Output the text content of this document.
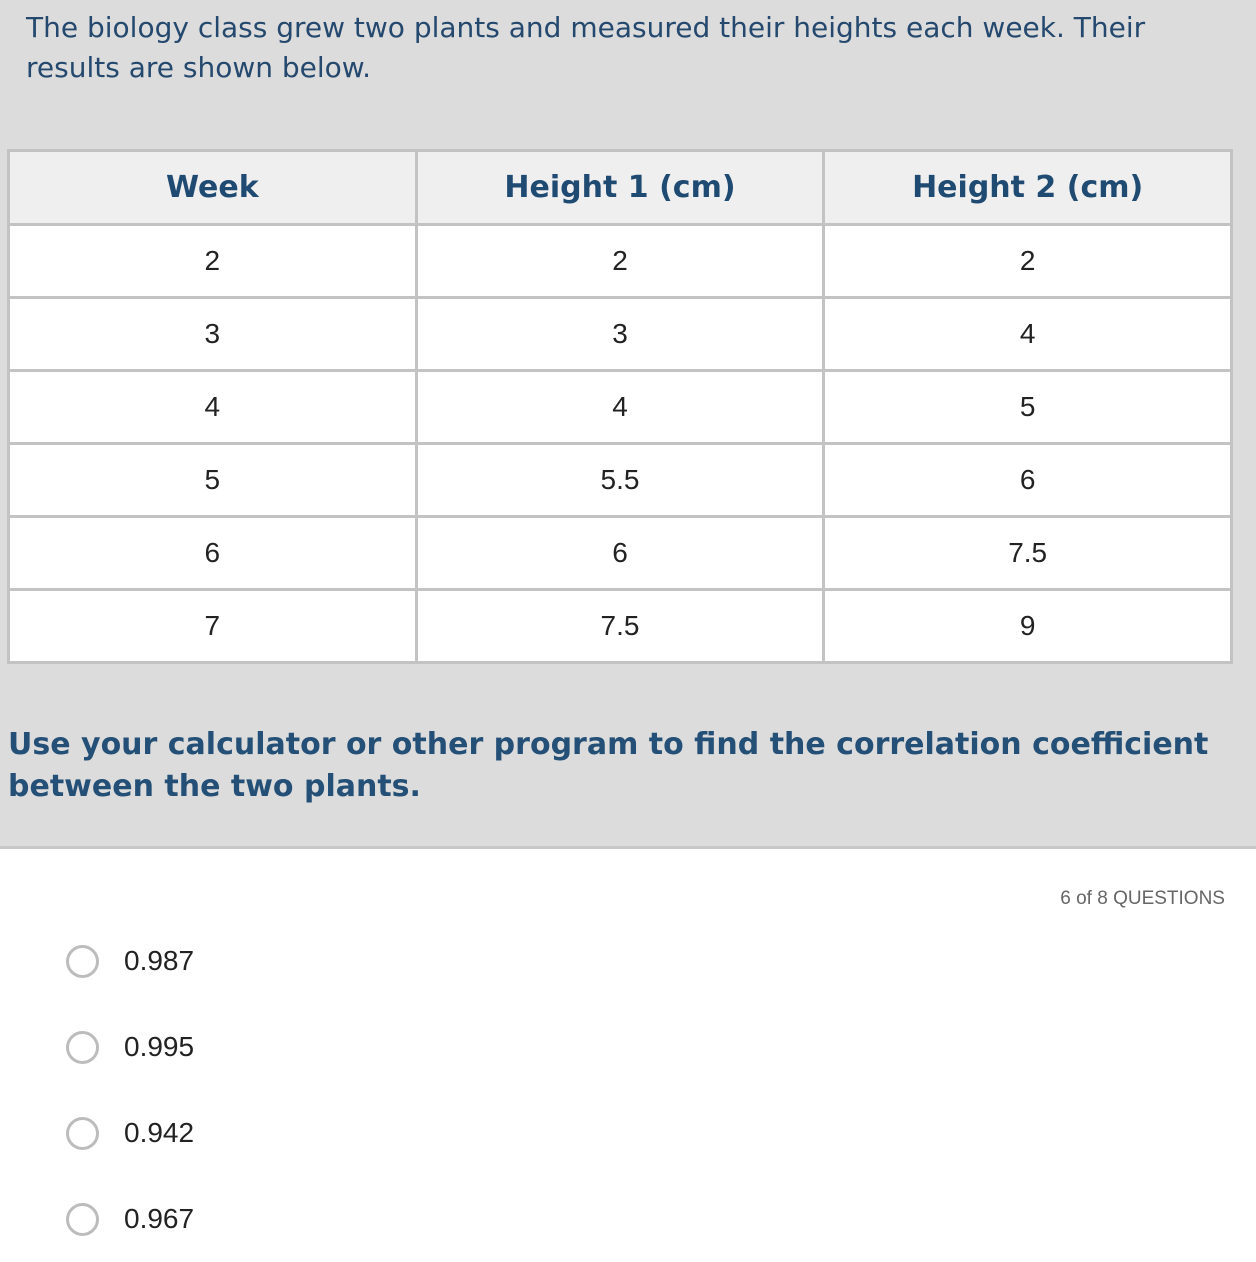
The biology class grew two plants and measured their heights each week. Their results are shown below.

Week	Height 1 (cm)	Height 2 (cm)
2	2	2
3	3	4
4	4	5
5	5.5	6
6	6	7.5
7	7.5	9

Use your calculator or other program to find the correlation coefficient between the two plants.

6 of 8 QUESTIONS
0.987
0.995
0.942
0.967
